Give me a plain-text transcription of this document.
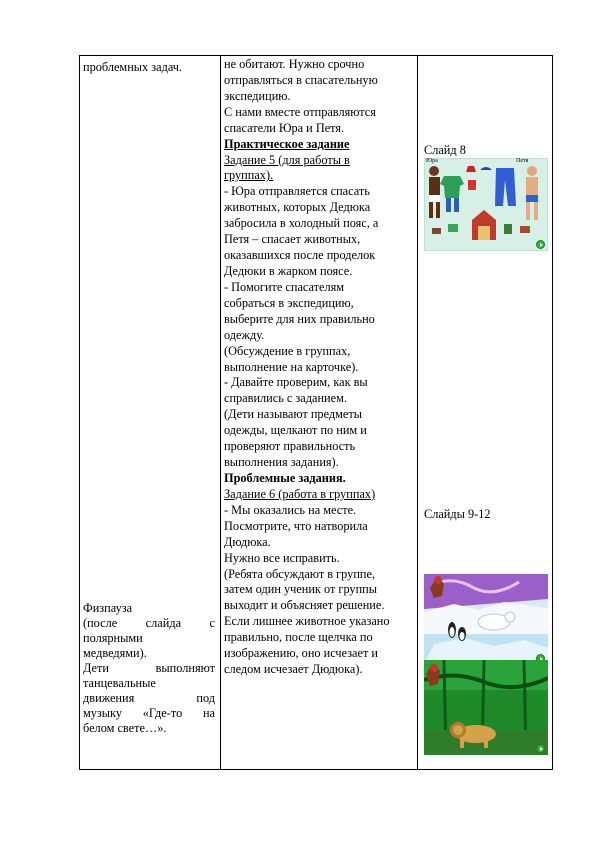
проблемных задач.
Физпауза
(после слайда с
полярными
медведями).
Дети выполняют
танцевальные
движения под
музыку «Где-то на
белом свете…».
не обитают. Нужно срочно
отправляться в спасательную
экспедицию.
С нами вместе отправляются
спасатели Юра и Петя.
Практическое задание
Задание 5 (для работы в
группах).
- Юра отправляется спасать
животных, которых Дедюка
забросила в холодный пояс, а
Петя – спасает животных,
оказавшихся после проделок
Дедюки в жарком поясе.
- Помогите спасателям
собраться в экспедицию,
выберите для них правильно
одежду.
(Обсуждение в группах,
выполнение на карточке).
- Давайте проверим, как вы
справились с заданием.
(Дети называют предметы
одежды, щелкают по ним и
проверяют правильность
выполнения задания).
Проблемные задания.
Задание 6 (работа в группах)
- Мы оказались на месте.
Посмотрите, что натворила
Дюдюка.
Нужно все исправить.
(Ребята обсуждают в группе,
затем один ученик от группы
выходит и объясняет решение.
Если лишнее животное указано
правильно, после щелчка по
изображению, оно исчезает и
следом исчезает Дюдюка).
Слайд 8
Юра	Петя
Слайды 9-12
